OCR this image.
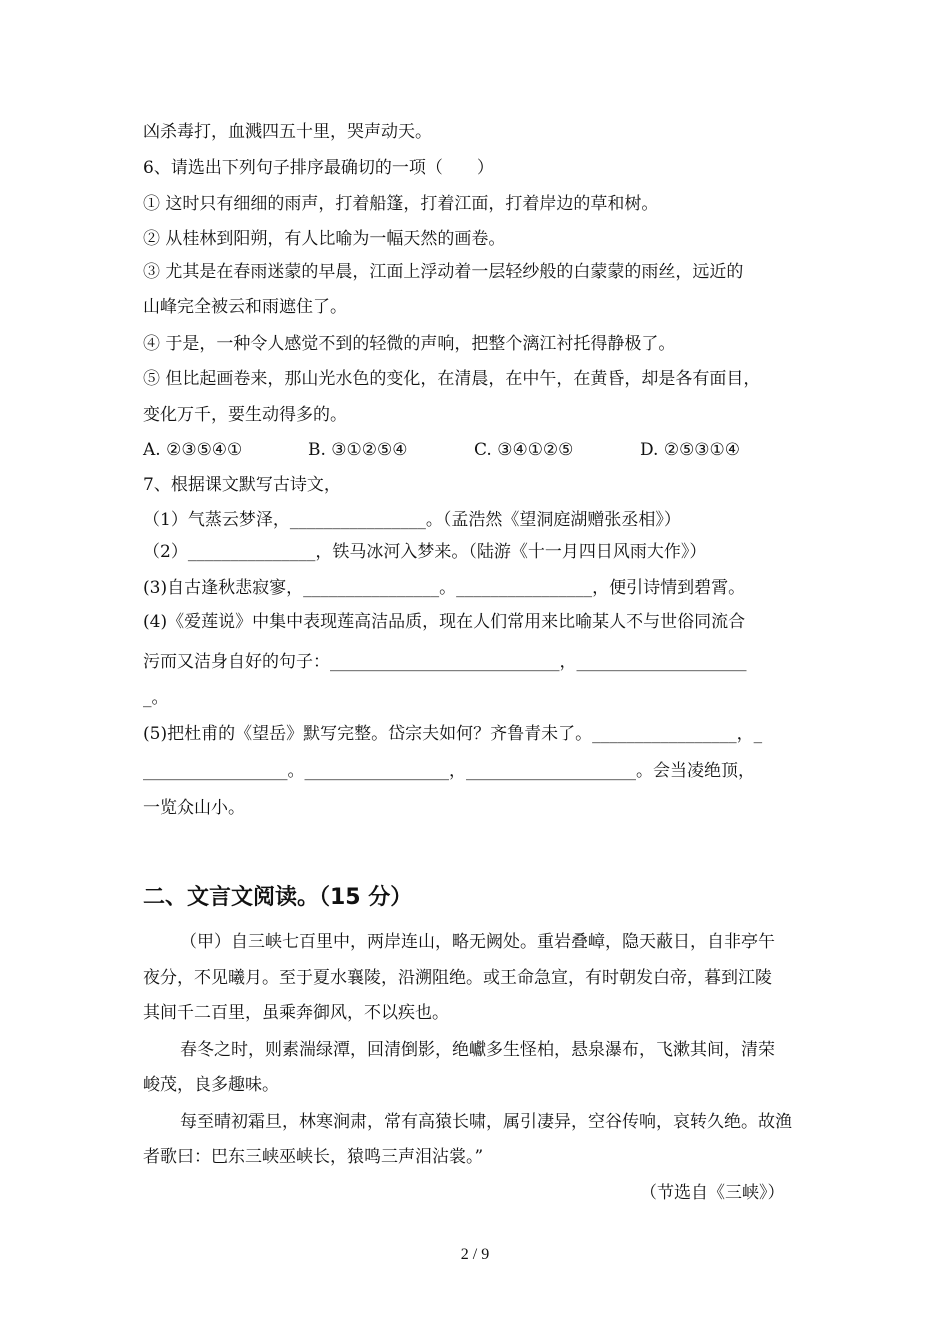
凶杀毒打，血溅四五十里，哭声动天。
6、请选出下列句子排序最确切的一项（　　）
① 这时只有细细的雨声，打着船篷，打着江面，打着岸边的草和树。
② 从桂林到阳朔，有人比喻为一幅天然的画卷。
③ 尤其是在春雨迷蒙的早晨，江面上浮动着一层轻纱般的白蒙蒙的雨丝，远近的
山峰完全被云和雨遮住了。
④ 于是，一种令人感觉不到的轻微的声响，把整个漓江衬托得静极了。
⑤ 但比起画卷来，那山光水色的变化，在清晨，在中午，在黄昏，却是各有面目，
变化万千，要生动得多的。
A. ②③⑤④①	B. ③①②⑤④	C. ③④①②⑤	D. ②⑤③①④
7、根据课文默写古诗文，
（1）气蒸云梦泽，________________。（孟浩然《望洞庭湖赠张丞相》）
（2）_______________，铁马冰河入梦来。（陆游《十一月四日风雨大作》）
(3)自古逢秋悲寂寥，________________。________________，便引诗情到碧霄。
(4)《爱莲说》中集中表现莲高洁品质，现在人们常用来比喻某人不与世俗同流合
污而又洁身自好的句子：___________________________，____________________
_。
(5)把杜甫的《望岳》默写完整。岱宗夫如何？齐鲁青未了。_________________，_
_________________。_________________，____________________。会当凌绝顶，
一览众山小。
二、文言文阅读。（15 分）
（甲）自三峡七百里中，两岸连山，略无阙处。重岩叠嶂，隐天蔽日，自非亭午
夜分，不见曦月。至于夏水襄陵，沿溯阻绝。或王命急宣，有时朝发白帝，暮到江陵
其间千二百里，虽乘奔御风，不以疾也。
春冬之时，则素湍绿潭，回清倒影，绝巘多生怪柏，悬泉瀑布，飞漱其间，清荣
峻茂，良多趣味。
每至晴初霜旦，林寒涧肃，常有高猿长啸，属引凄异，空谷传响，哀转久绝。故渔
者歌曰：巴东三峡巫峡长，猿鸣三声泪沾裳。”
（节选自《三峡》）
2 / 9
